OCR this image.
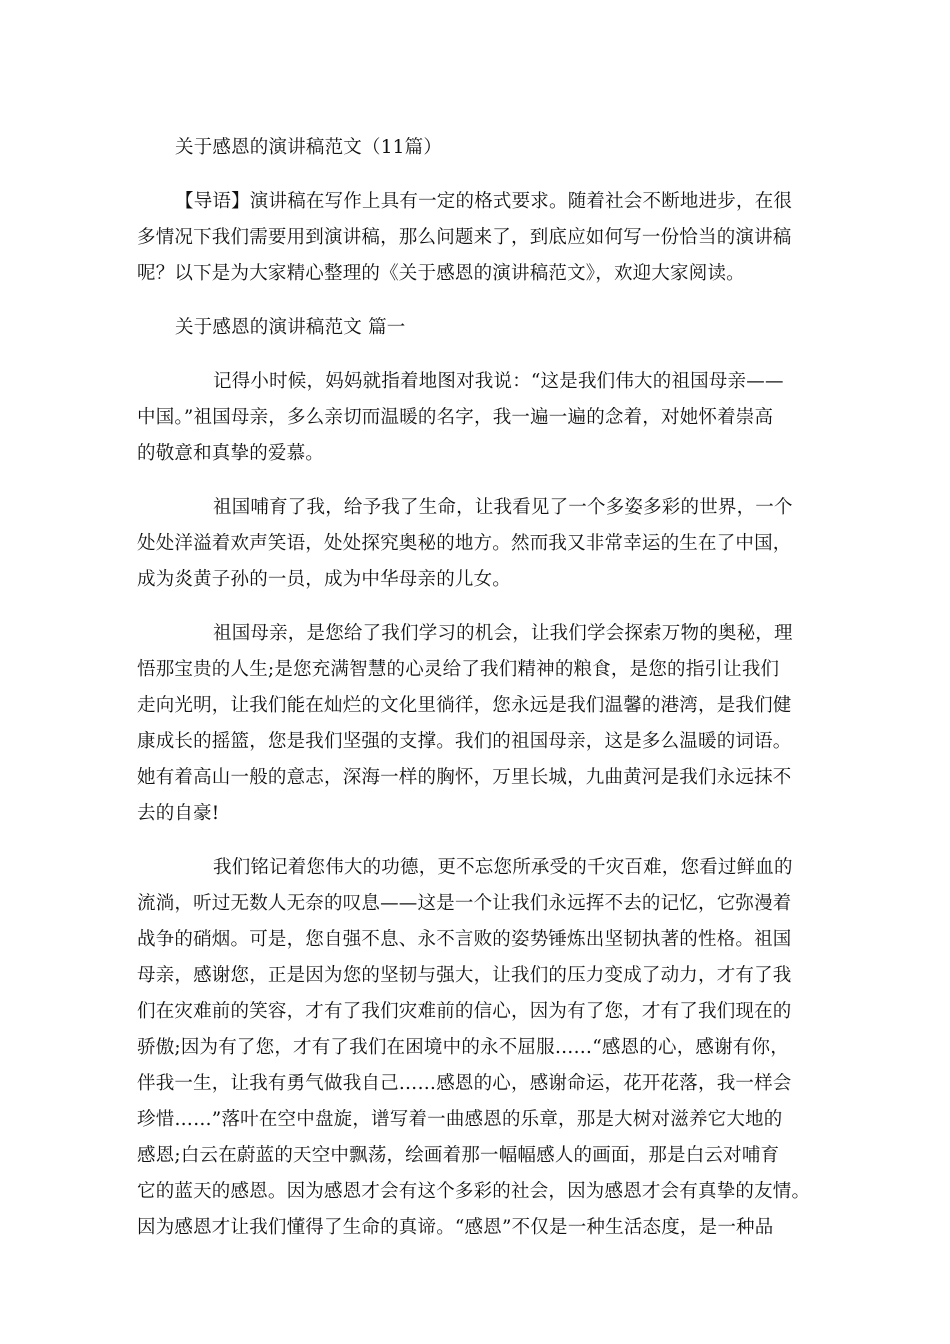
关于感恩的演讲稿范文（11篇）
【导语】演讲稿在写作上具有一定的格式要求。随着社会不断地进步，在很
多情况下我们需要用到演讲稿，那么问题来了，到底应如何写一份恰当的演讲稿
呢？以下是为大家精心整理的《关于感恩的演讲稿范文》，欢迎大家阅读。
关于感恩的演讲稿范文 篇一
记得小时候，妈妈就指着地图对我说：“这是我们伟大的祖国母亲——
中国。”祖国母亲，多么亲切而温暖的名字，我一遍一遍的念着，对她怀着崇高
的敬意和真挚的爱慕。
祖国哺育了我，给予我了生命，让我看见了一个多姿多彩的世界，一个
处处洋溢着欢声笑语，处处探究奥秘的地方。然而我又非常幸运的生在了中国，
成为炎黄子孙的一员，成为中华母亲的儿女。
祖国母亲，是您给了我们学习的机会，让我们学会探索万物的奥秘，理
悟那宝贵的人生;是您充满智慧的心灵给了我们精神的粮食，是您的指引让我们
走向光明，让我们能在灿烂的文化里徜徉，您永远是我们温馨的港湾，是我们健
康成长的摇篮，您是我们坚强的支撑。我们的祖国母亲，这是多么温暖的词语。
她有着高山一般的意志，深海一样的胸怀，万里长城，九曲黄河是我们永远抹不
去的自豪!
我们铭记着您伟大的功德，更不忘您所承受的千灾百难，您看过鲜血的
流淌，听过无数人无奈的叹息——这是一个让我们永远挥不去的记忆，它弥漫着
战争的硝烟。可是，您自强不息、永不言败的姿势锤炼出坚韧执著的性格。祖国
母亲，感谢您，正是因为您的坚韧与强大，让我们的压力变成了动力，才有了我
们在灾难前的笑容，才有了我们灾难前的信心，因为有了您，才有了我们现在的
骄傲;因为有了您，才有了我们在困境中的永不屈服……“感恩的心，感谢有你，
伴我一生，让我有勇气做我自己……感恩的心，感谢命运，花开花落，我一样会
珍惜……”落叶在空中盘旋，谱写着一曲感恩的乐章，那是大树对滋养它大地的
感恩;白云在蔚蓝的天空中飘荡，绘画着那一幅幅感人的画面，那是白云对哺育
它的蓝天的感恩。因为感恩才会有这个多彩的社会，因为感恩才会有真挚的友情。
因为感恩才让我们懂得了生命的真谛。“感恩”不仅是一种生活态度，是一种品
